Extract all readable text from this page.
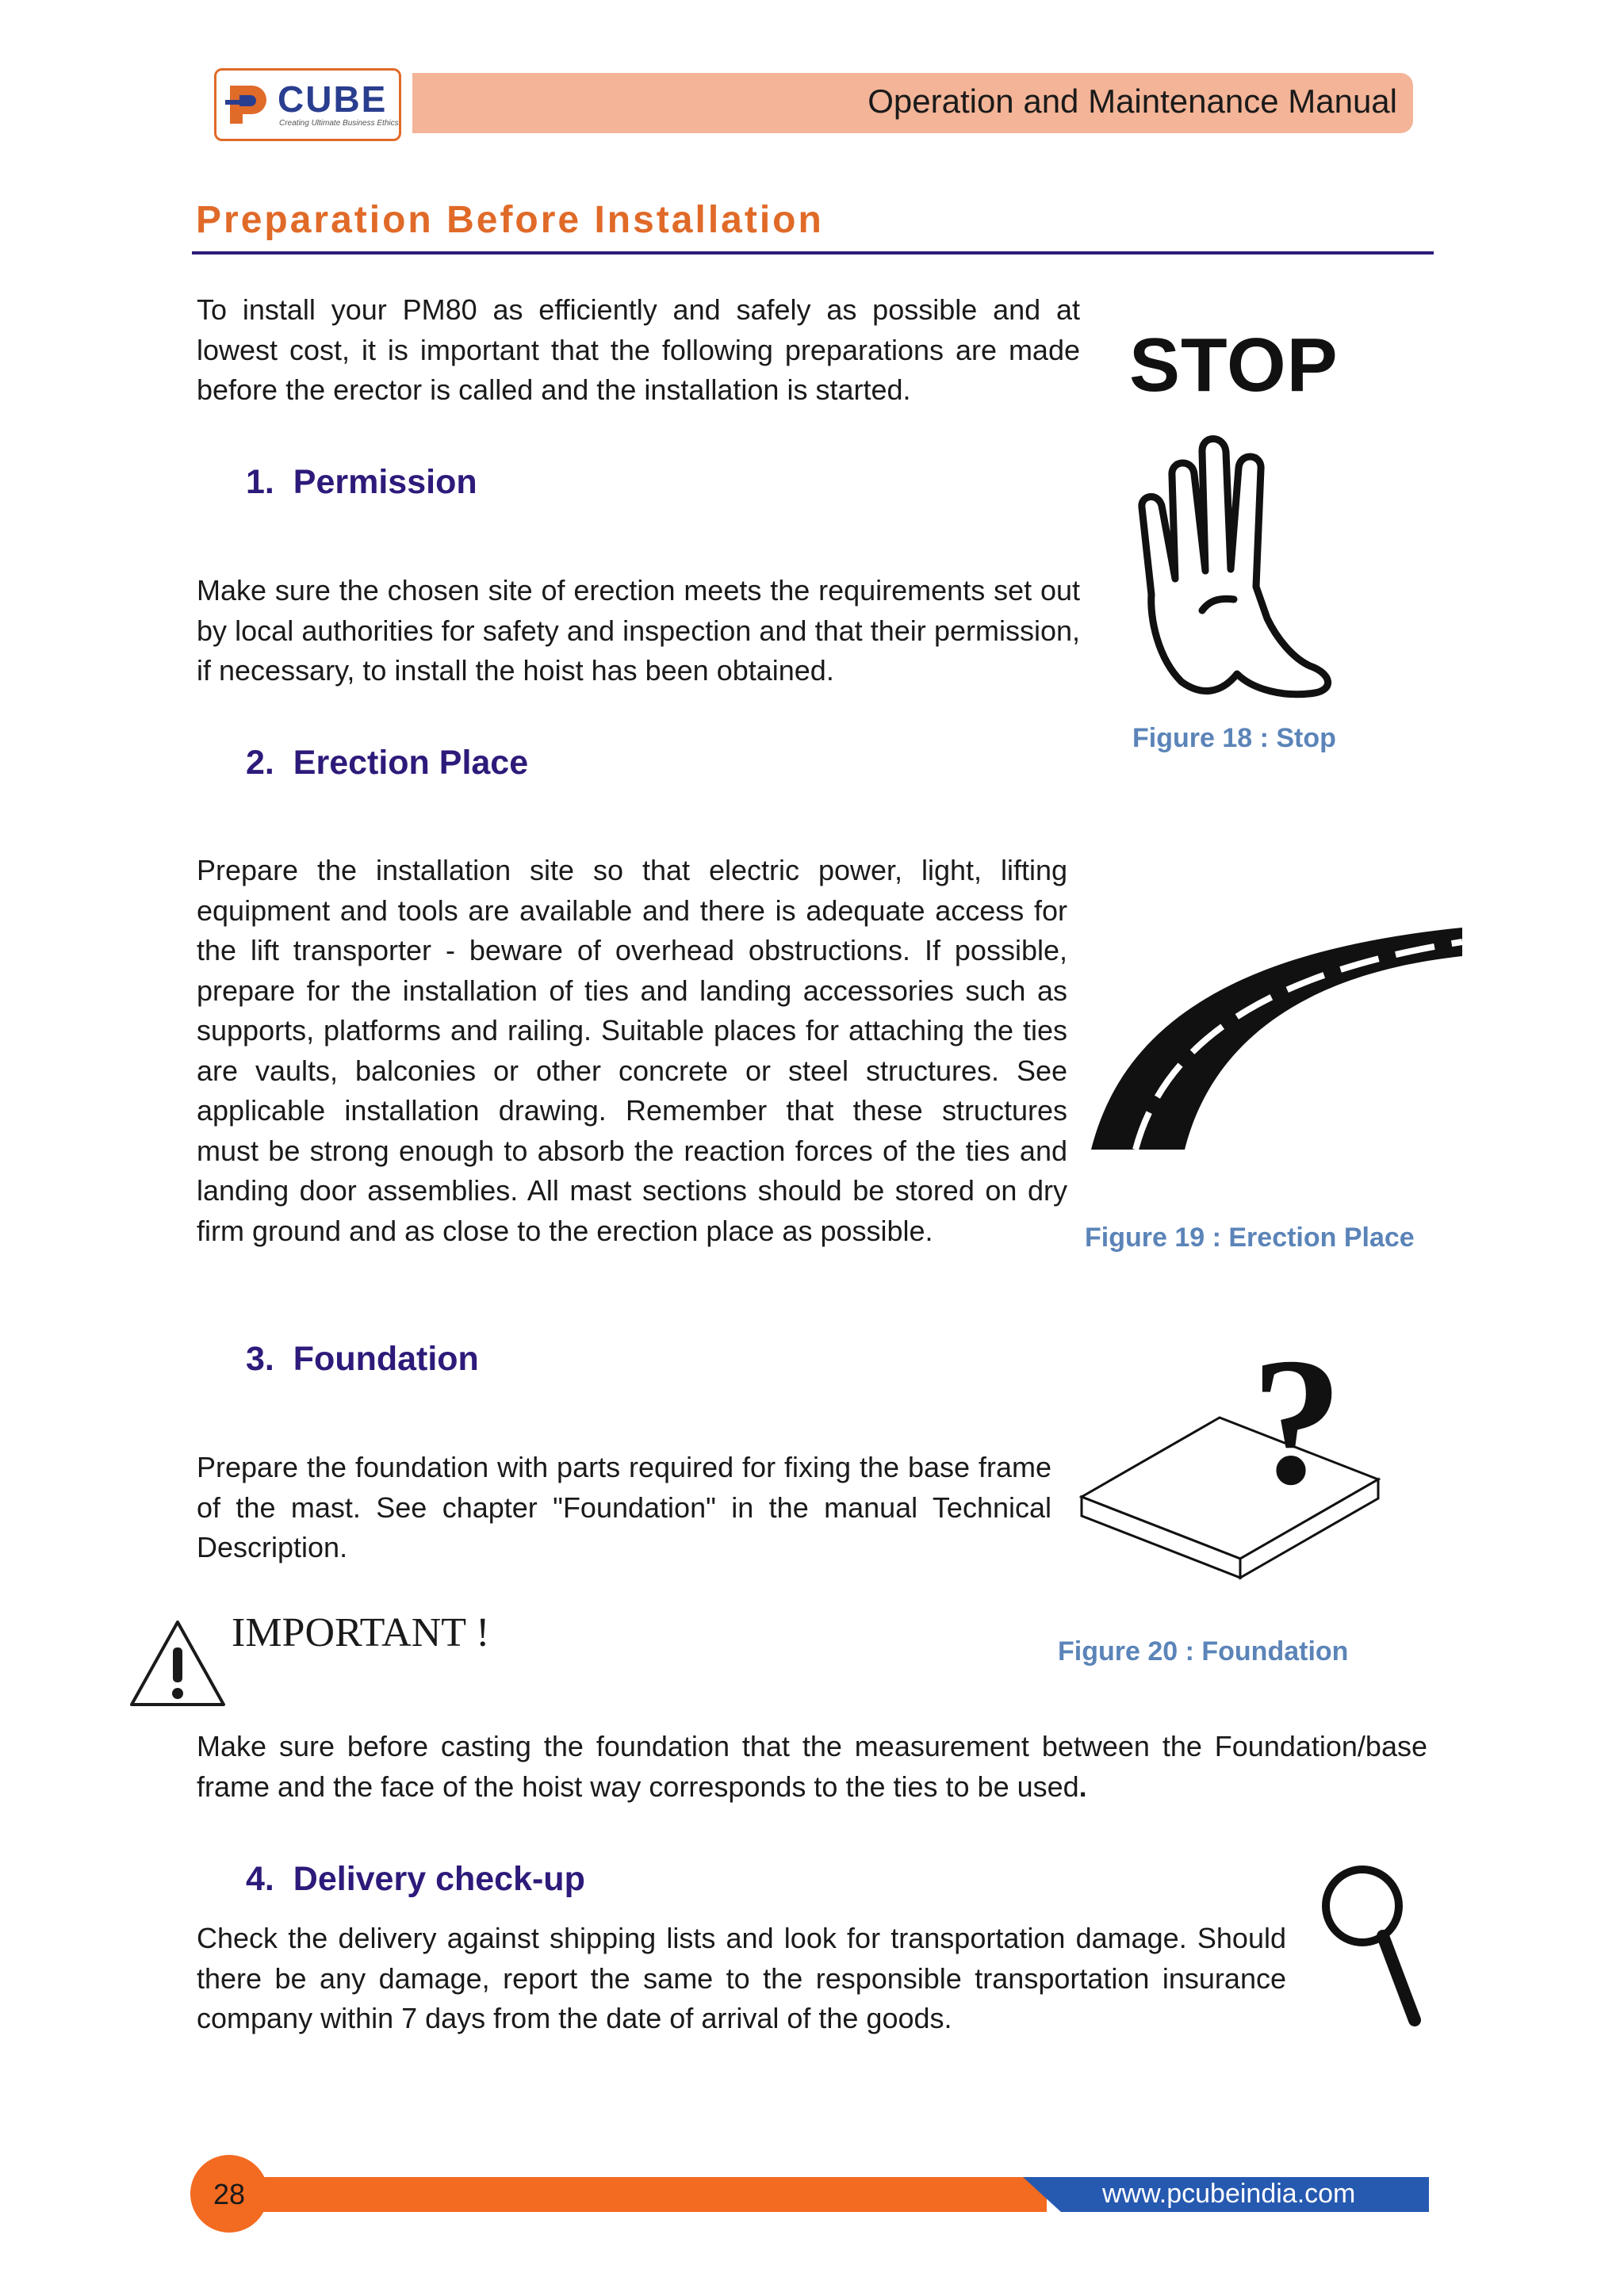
Operation and Maintenance Manual
CUBE
Creating Ultimate Business Ethics
Preparation Before Installation
To install your PM80 as efficiently and safely as possible and at lowest cost, it is important that the following preparations are made before the erector is called and the installation is started.
1. Permission
Make sure the chosen site of erection meets the requirements set out by local authorities for safety and inspection and that their permission, if necessary, to install the hoist has been obtained.
2. Erection Place
Prepare the installation site so that electric power, light, lifting equipment and tools are available and there is adequate access for the lift transporter - beware of overhead obstructions. If possible, prepare for the installation of ties and landing accessories such as supports, platforms and railing. Suitable places for attaching the ties are vaults, balconies or other concrete or steel structures. See applicable installation drawing. Remember that these structures must be strong enough to absorb the reaction forces of the ties and landing door assemblies. All mast sections should be stored on dry firm ground and as close to the erection place as possible.
3. Foundation
Prepare the foundation with parts required for fixing the base frame of the mast. See chapter "Foundation" in the manual Technical Description.
IMPORTANT !
Make sure before casting the foundation that the measurement between the Foundation/base frame and the face of the hoist way corresponds to the ties to be used.
4. Delivery check-up
Check the delivery against shipping lists and look for transportation damage. Should there be any damage, report the same to the responsible transportation insurance company within 7 days from the date of arrival of the goods.
STOP
Figure 18 : Stop
Figure 19 : Erection Place
?
Figure 20 : Foundation
28	www.pcubeindia.com
